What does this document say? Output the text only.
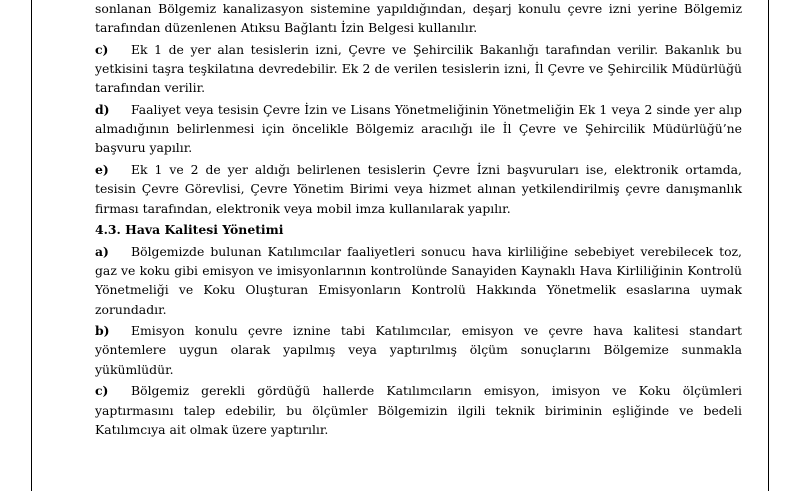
sonlanan Bölgemiz kanalizasyon sistemine yapıldığından, deşarj konulu çevre izni yerine Bölgemiz tarafından düzenlenen Atıksu Bağlantı İzin Belgesi kullanılır.

c) Ek 1 de yer alan tesislerin izni, Çevre ve Şehircilik Bakanlığı tarafından verilir. Bakanlık bu yetkisini taşra teşkilatına devredebilir. Ek 2 de verilen tesislerin izni, İl Çevre ve Şehircilik Müdürlüğü tarafından verilir.

d) Faaliyet veya tesisin Çevre İzin ve Lisans Yönetmeliğinin Yönetmeliğin Ek 1 veya 2 sinde yer alıp almadığının belirlenmesi için öncelikle Bölgemiz aracılığı ile İl Çevre ve Şehircilik Müdürlüğü’ne başvuru yapılır.

e) Ek 1 ve 2 de yer aldığı belirlenen tesislerin Çevre İzni başvuruları ise, elektronik ortamda, tesisin Çevre Görevlisi, Çevre Yönetim Birimi veya hizmet alınan yetkilendirilmiş çevre danışmanlık firması tarafından, elektronik veya mobil imza kullanılarak yapılır.

4.3. Hava Kalitesi Yönetimi

a) Bölgemizde bulunan Katılımcılar faaliyetleri sonucu hava kirliliğine sebebiyet verebilecek toz, gaz ve koku gibi emisyon ve imisyonlarının kontrolünde Sanayiden Kaynaklı Hava Kirliliğinin Kontrolü Yönetmeliği ve Koku Oluşturan Emisyonların Kontrolü Hakkında Yönetmelik esaslarına uymak zorundadır.

b) Emisyon konulu çevre iznine tabi Katılımcılar, emisyon ve çevre hava kalitesi standart yöntemlere uygun olarak yapılmış veya yaptırılmış ölçüm sonuçlarını Bölgemize sunmakla yükümlüdür.

c) Bölgemiz gerekli gördüğü hallerde Katılımcıların emisyon, imisyon ve Koku ölçümleri yaptırmasını talep edebilir, bu ölçümler Bölgemizin ilgili teknik biriminin eşliğinde ve bedeli Katılımcıya ait olmak üzere yaptırılır.
